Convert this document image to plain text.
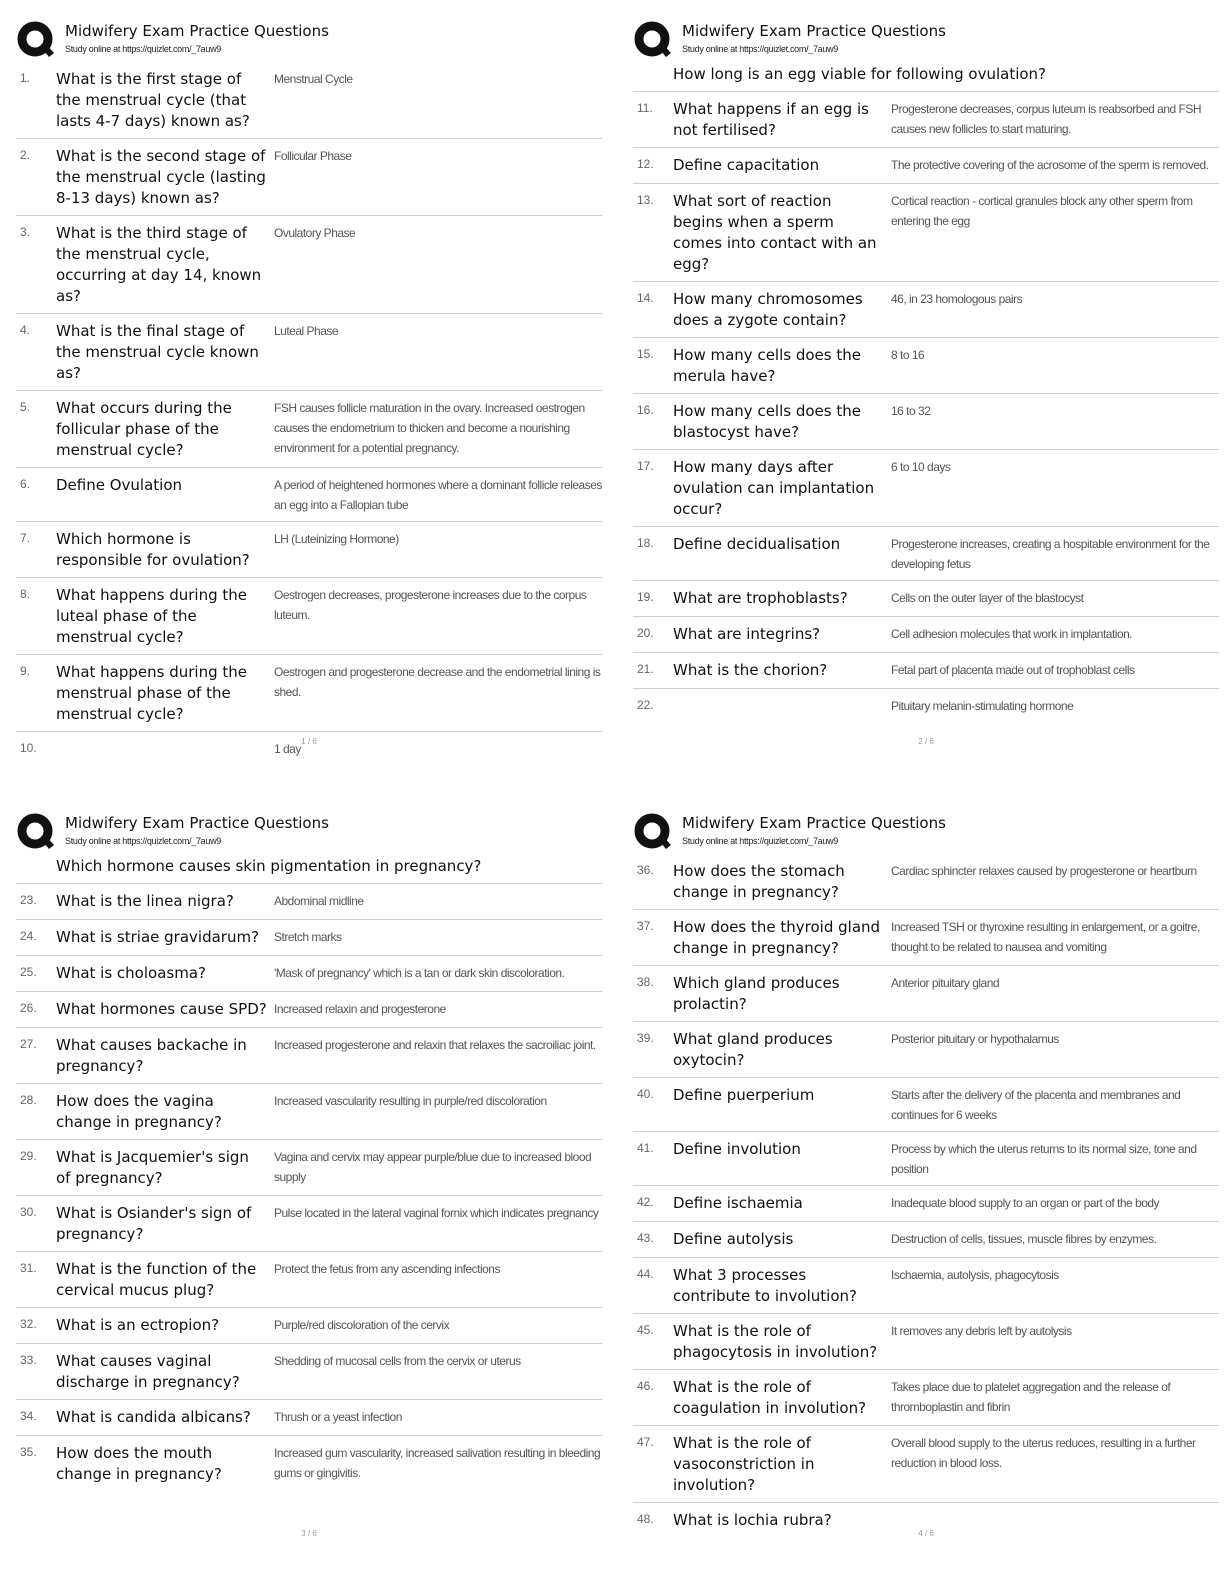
Midwifery Exam Practice Questions
Study online at https://quizlet.com/_7auw9
1.	What is the first stage of the menstrual cycle (that lasts 4-7 days) known as?
Menstrual Cycle
2.	What is the second stage of the menstrual cycle (lasting 8-13 days) known as?
Follicular Phase
3.	What is the third stage of the menstrual cycle, occurring at day 14, known as?
Ovulatory Phase
4.	What is the final stage of the menstrual cycle known as?
Luteal Phase
5.	What occurs during the follicular phase of the menstrual cycle?
FSH causes follicle maturation in the ovary. Increased oestrogen causes the endometrium to thicken and become a nourishing environment for a potential pregnancy.
6.	Define Ovulation	A period of heightened hormones where a dominant follicle releases an egg into a Fallopian tube
7.	Which hormone is responsible for ovulation?
LH (Luteinizing Hormone)
8.	What happens during the luteal phase of the menstrual cycle?
Oestrogen decreases, progesterone increases due to the corpus luteum.
9.	What happens during the menstrual phase of the menstrual cycle?
Oestrogen and progesterone decrease and the endometrial lining is shed.
10.	1 day
1 / 6
Midwifery Exam Practice Questions
Study online at https://quizlet.com/_7auw9
How long is an egg viable for following ovulation?
11.	What happens if an egg is not fertilised?
Progesterone decreases, corpus luteum is reabsorbed and FSH causes new follicles to start maturing.
12.	Define capacitation	The protective covering of the acrosome of the sperm is removed.
13.	What sort of reaction begins when a sperm comes into contact with an egg?
Cortical reaction - cortical granules block any other sperm from entering the egg
14.	How many chromosomes does a zygote contain?
46, in 23 homologous pairs
15.	How many cells does the merula have?
8 to 16
16.	How many cells does the blastocyst have?
16 to 32
17.	How many days after ovulation can implantation occur?
6 to 10 days
18.	Define decidualisation	Progesterone increases, creating a hospitable environment for the developing fetus
19.	What are trophoblasts?	Cells on the outer layer of the blastocyst
20.	What are integrins?	Cell adhesion molecules that work in implantation.
21.	What is the chorion?	Fetal part of placenta made out of trophoblast cells
22.	Pituitary melanin-stimulating hormone
2 / 6
Midwifery Exam Practice Questions
Study online at https://quizlet.com/_7auw9
Which hormone causes skin pigmentation in pregnancy?
23.	What is the linea nigra?	Abdominal midline
24.	What is striae gravidarum?	Stretch marks
25.	What is choloasma?	'Mask of pregnancy' which is a tan or dark skin discoloration.
26.	What hormones cause SPD? Increased relaxin and progesterone
27.	What causes backache in pregnancy?
Increased progesterone and relaxin that relaxes the sacroiliac joint.
28.	How does the vagina change in pregnancy?
Increased vascularity resulting in purple/red discoloration
29.	What is Jacquemier's sign of pregnancy?
Vagina and cervix may appear purple/blue due to increased blood supply
30.	What is Osiander's sign of pregnancy?
Pulse located in the lateral vaginal fornix which indicates pregnancy
31.	What is the function of the cervical mucus plug?
Protect the fetus from any ascending infections
32.	What is an ectropion?	Purple/red discoloration of the cervix
33.	What causes vaginal discharge in pregnancy?
Shedding of mucosal cells from the cervix or uterus
34.	What is candida albicans?	Thrush or a yeast infection
35.	How does the mouth change in pregnancy?
Increased gum vascularity, increased salivation resulting in bleeding gums or gingivitis.
3 / 6
Midwifery Exam Practice Questions
Study online at https://quizlet.com/_7auw9
36.	How does the stomach change in pregnancy?
Cardiac sphincter relaxes caused by progesterone or heartburn
37.	How does the thyroid gland change in pregnancy?
Increased TSH or thyroxine resulting in enlargement, or a goitre, thought to be related to nausea and vomiting
38.	Which gland produces prolactin?
Anterior pituitary gland
39.	What gland produces oxytocin?
Posterior pituitary or hypothalamus
40.	Define puerperium	Starts after the delivery of the placenta and membranes and continues for 6 weeks
41.	Define involution	Process by which the uterus returns to its normal size, tone and position
42.	Define ischaemia	Inadequate blood supply to an organ or part of the body
43.	Define autolysis	Destruction of cells, tissues, muscle fibres by enzymes.
44.	What 3 processes contribute to involution?
Ischaemia, autolysis, phagocytosis
45.	What is the role of phagocytosis in involution?
It removes any debris left by autolysis
46.	What is the role of coagulation in involution?
Takes place due to platelet aggregation and the release of thromboplastin and fibrin
47.	What is the role of vasoconstriction in involution?
Overall blood supply to the uterus reduces, resulting in a further reduction in blood loss.
48.	What is lochia rubra?
4 / 6
